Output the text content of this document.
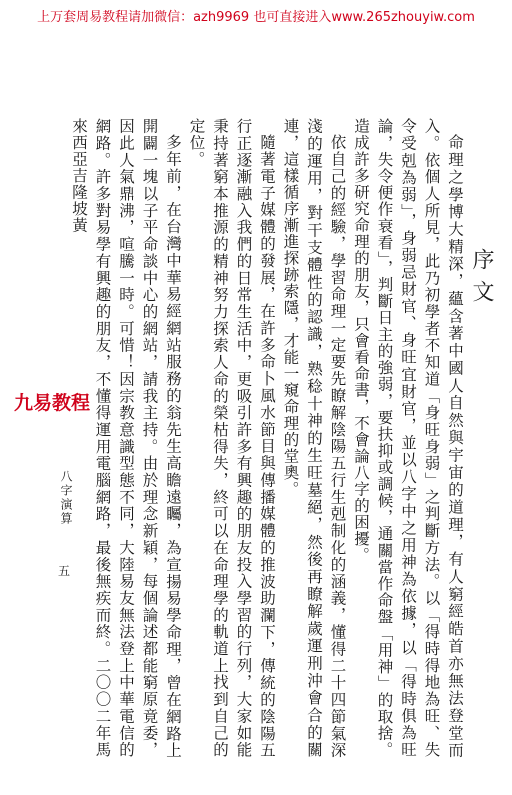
上万套周易教程请加微信：azh9969 也可直接进入www.265zhouyiw.com
序文

命理之學博大精深，蘊含著中國人自然與宇宙的道理，有人窮經皓首亦無法登堂而入。依個人所見，此乃初學者不知道「身旺身弱」之判斷方法。以「得時得地為旺、失令受剋為弱」，身弱忌財官、身旺宜財官，並以八字中之用神為依據，以「得時俱為旺論，失令便作衰看」，判斷日主的強弱，要扶抑或調候，通關當作命盤「用神」的取捨。造成許多研究命理的朋友，只會看命書，不會論八字的困擾。

依自己的經驗，學習命理一定要先瞭解陰陽五行生剋制化的涵義，懂得二十四節氣深淺的運用，對干支體性的認識，熟稔十神的生旺墓絕，然後再瞭解歲運刑沖會合的關連，這樣循序漸進探跡索隱，才能一窺命理的堂奧。

隨著電子媒體的發展，在許多命卜風水節目與傳播媒體的推波助瀾下，傳統的陰陽五行正逐漸融入我們的日常生活中，更吸引許多有興趣的朋友投入學習的行列，大家如能秉持著窮本推源的精神努力探索人命的榮枯得失，終可以在命理學的軌道上找到自己的定位。

多年前，在台灣中華易經網站服務的翁先生高瞻遠矚，為宣揚易學命理，曾在網路上開闢一塊以子平命談中心的網站，請我主持。由於理念新穎，每個論述都能窮原竟委，因此人氣鼎沸，喧騰一時。可惜！因宗教意識型態不同，大陸易友無法登上中華電信的網路。許多對易學有興趣的朋友，不懂得運用電腦網路，最後無疾而終。二〇〇二年馬來西亞吉隆坡黃

八字演算
五
九易教程
